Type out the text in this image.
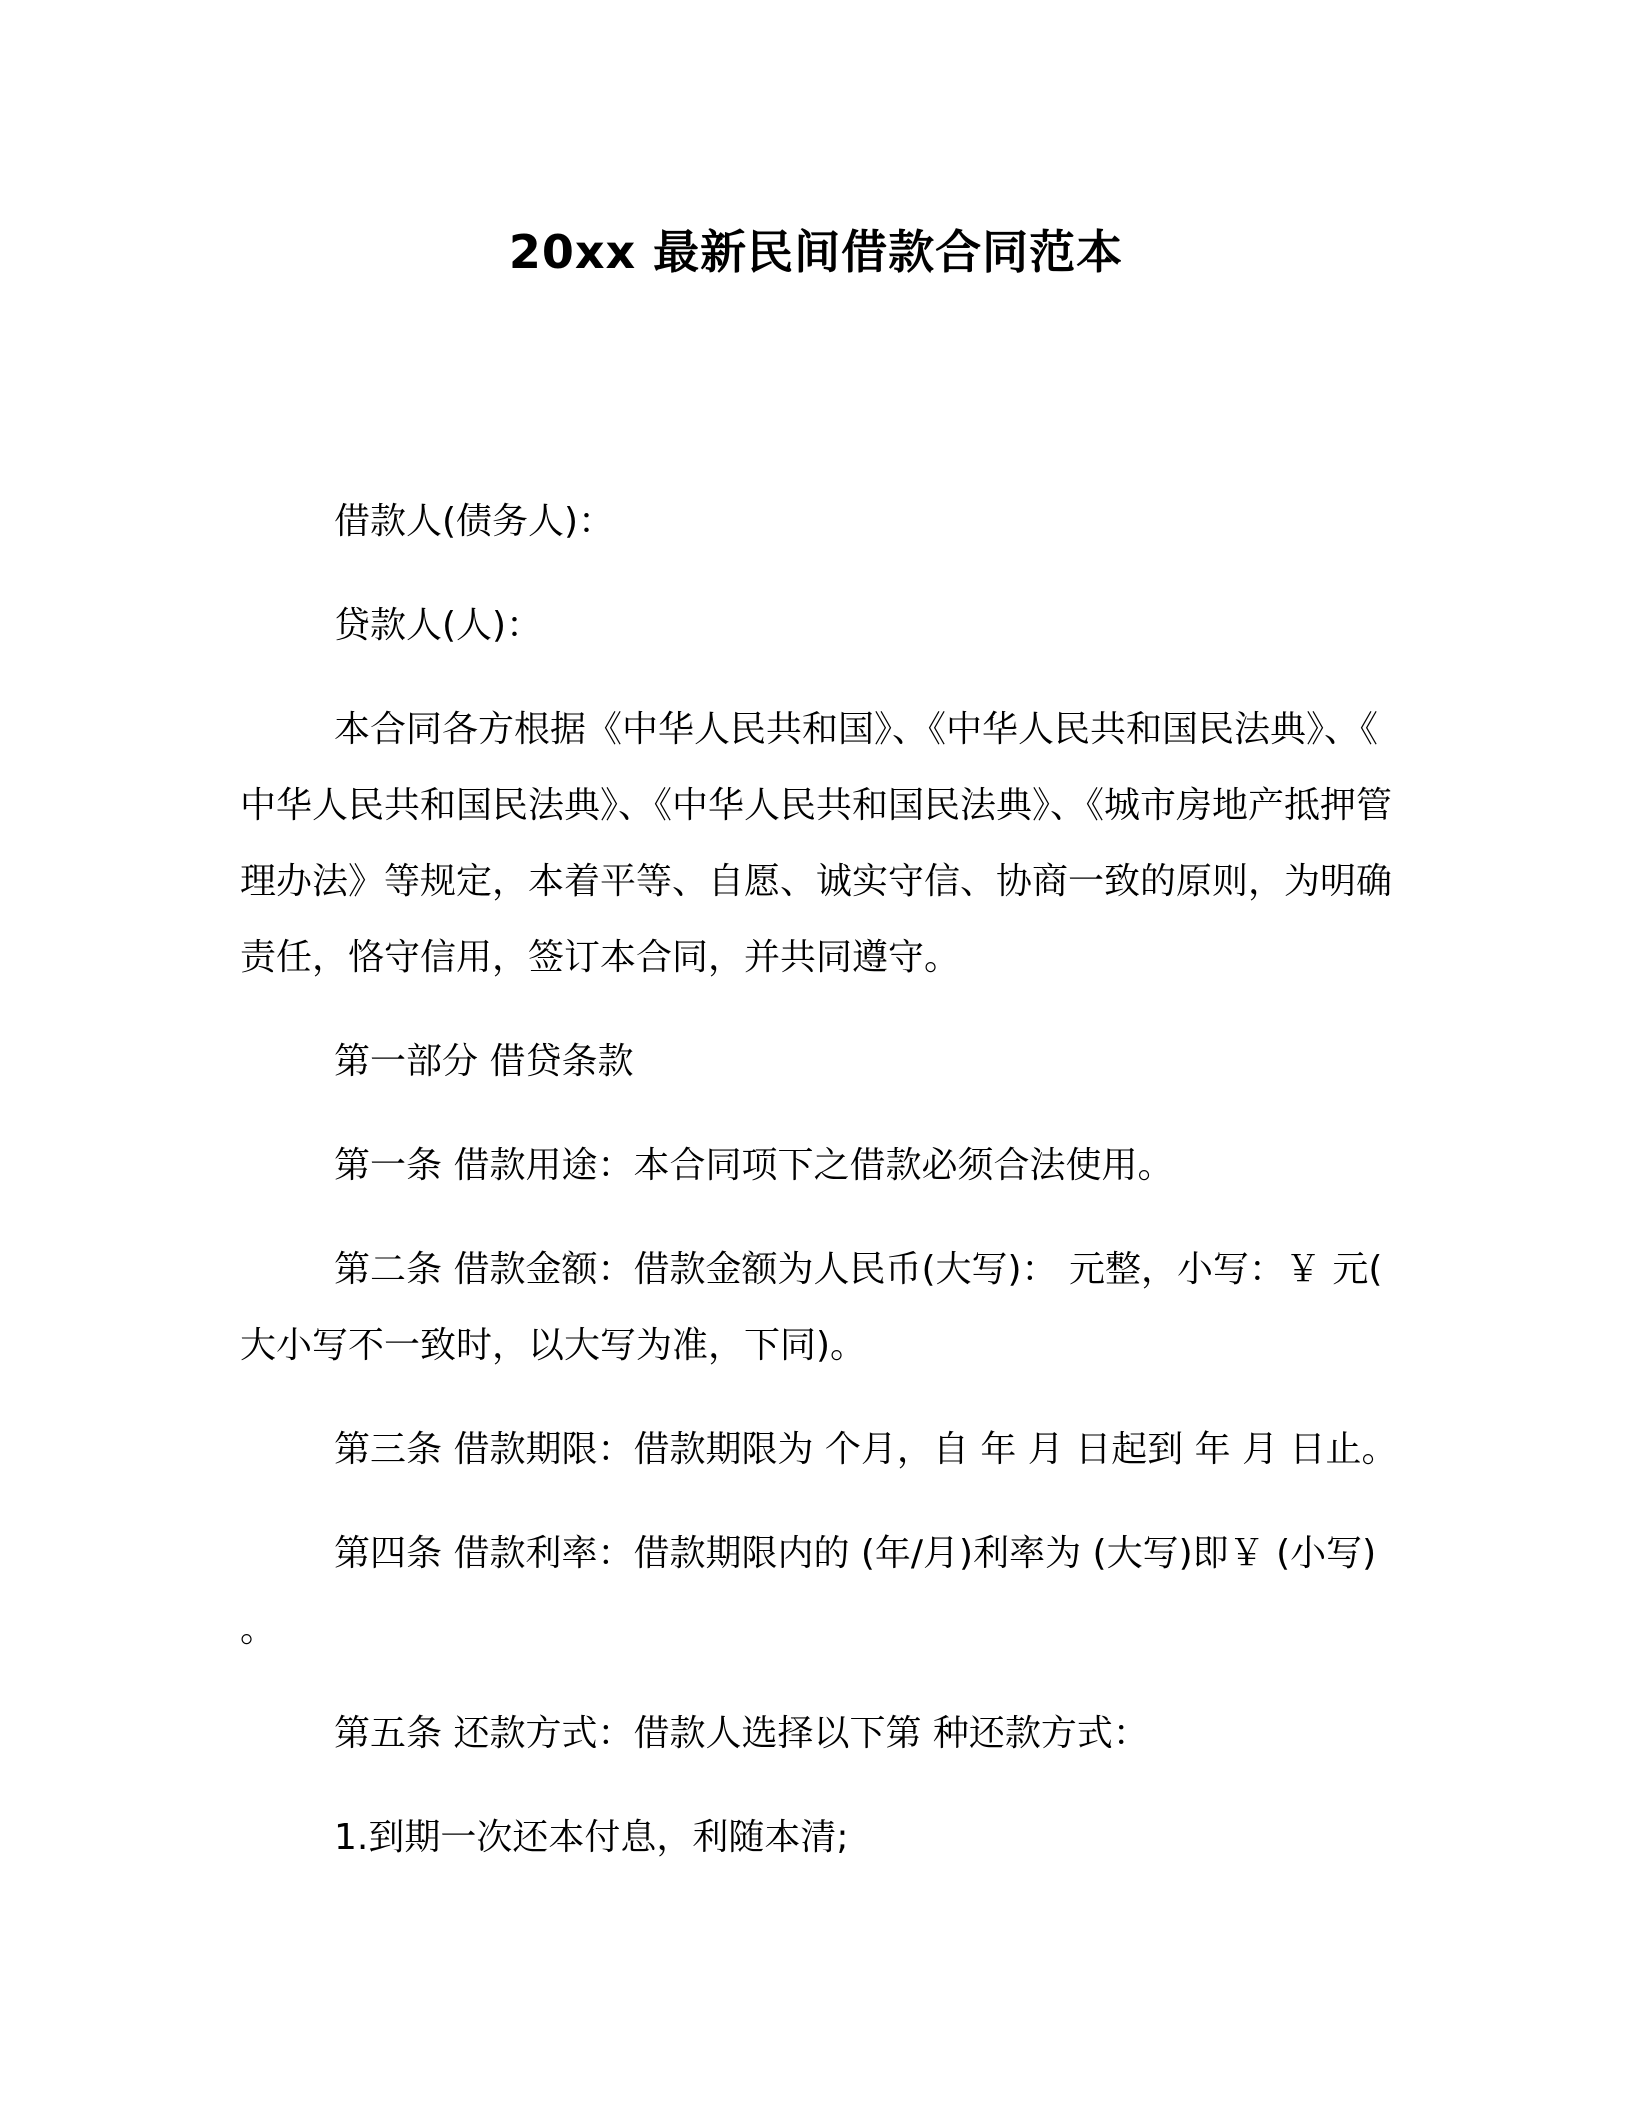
20xx 最新民间借款合同范本

借款人(债务人)：

贷款人(人)：

本合同各方根据《中华人民共和国》、《中华人民共和国民法典》、《中华人民共和国民法典》、《中华人民共和国民法典》、《城市房地产抵押管理办法》等规定，本着平等、自愿、诚实守信、协商一致的原则，为明确责任，恪守信用，签订本合同，并共同遵守。

第一部分 借贷条款

第一条 借款用途：本合同项下之借款必须合法使用。

第二条 借款金额：借款金额为人民币(大写)： 元整，小写：￥ 元(大小写不一致时，以大写为准，下同)。

第三条 借款期限：借款期限为 个月，自 年 月 日起到 年 月 日止。

第四条 借款利率：借款期限内的 (年/月)利率为 (大写)即￥ (小写)。

第五条 还款方式：借款人选择以下第 种还款方式：

1.到期一次还本付息，利随本清;
